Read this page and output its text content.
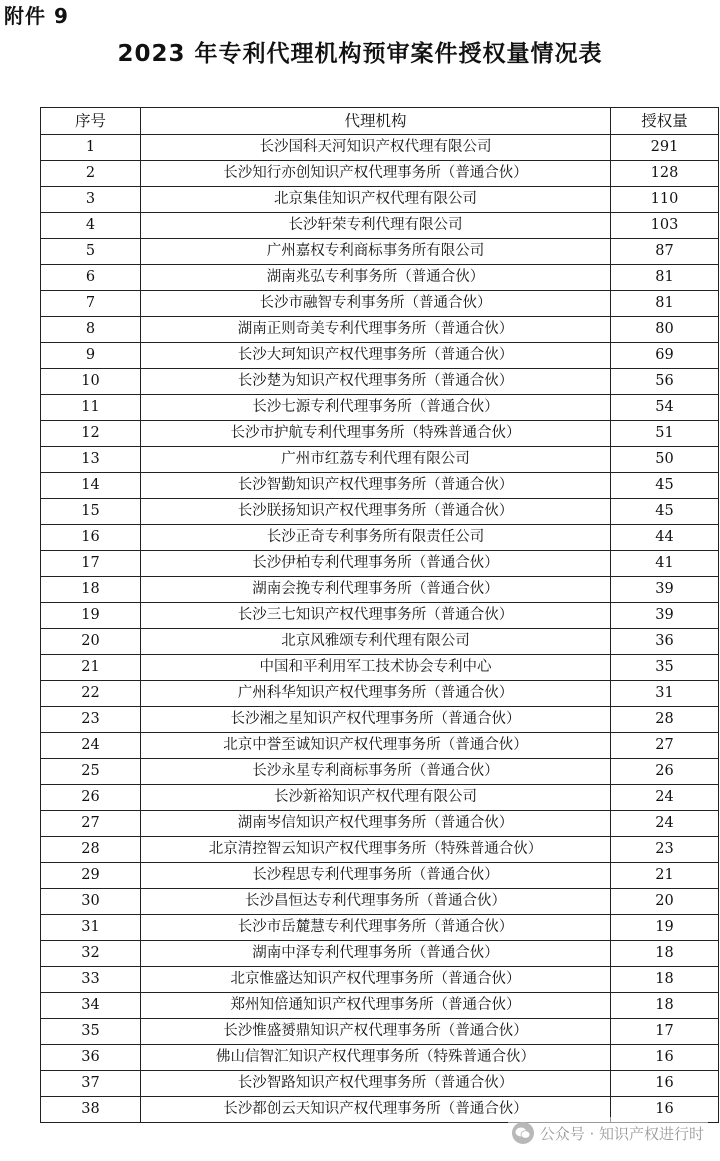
附件 9
2023 年专利代理机构预审案件授权量情况表
序号	代理机构	授权量
1	长沙国科天河知识产权代理有限公司	291
2	长沙知行亦创知识产权代理事务所（普通合伙）	128
3	北京集佳知识产权代理有限公司	110
4	长沙轩荣专利代理有限公司	103
5	广州嘉权专利商标事务所有限公司	87
6	湖南兆弘专利事务所（普通合伙）	81
7	长沙市融智专利事务所（普通合伙）	81
8	湖南正则奇美专利代理事务所（普通合伙）	80
9	长沙大珂知识产权代理事务所（普通合伙）	69
10	长沙楚为知识产权代理事务所（普通合伙）	56
11	长沙七源专利代理事务所（普通合伙）	54
12	长沙市护航专利代理事务所（特殊普通合伙）	51
13	广州市红荔专利代理有限公司	50
14	长沙智勤知识产权代理事务所（普通合伙）	45
15	长沙朕扬知识产权代理事务所（普通合伙）	45
16	长沙正奇专利事务所有限责任公司	44
17	长沙伊柏专利代理事务所（普通合伙）	41
18	湖南会挽专利代理事务所（普通合伙）	39
19	长沙三七知识产权代理事务所（普通合伙）	39
20	北京风雅颂专利代理有限公司	36
21	中国和平利用军工技术协会专利中心	35
22	广州科华知识产权代理事务所（普通合伙）	31
23	长沙湘之星知识产权代理事务所（普通合伙）	28
24	北京中誉至诚知识产权代理事务所（普通合伙）	27
25	长沙永星专利商标事务所（普通合伙）	26
26	长沙新裕知识产权代理有限公司	24
27	湖南岑信知识产权代理事务所（普通合伙）	24
28	北京清控智云知识产权代理事务所（特殊普通合伙）	23
29	长沙程思专利代理事务所（普通合伙）	21
30	长沙昌恒达专利代理事务所（普通合伙）	20
31	长沙市岳麓慧专利代理事务所（普通合伙）	19
32	湖南中泽专利代理事务所（普通合伙）	18
33	北京惟盛达知识产权代理事务所（普通合伙）	18
34	郑州知倍通知识产权代理事务所（普通合伙）	18
35	长沙惟盛赟鼎知识产权代理事务所（普通合伙）	17
36	佛山信智汇知识产权代理事务所（特殊普通合伙）	16
37	长沙智路知识产权代理事务所（普通合伙）	16
38	长沙都创云天知识产权代理事务所（普通合伙）	16
公众号 · 知识产权进行时
